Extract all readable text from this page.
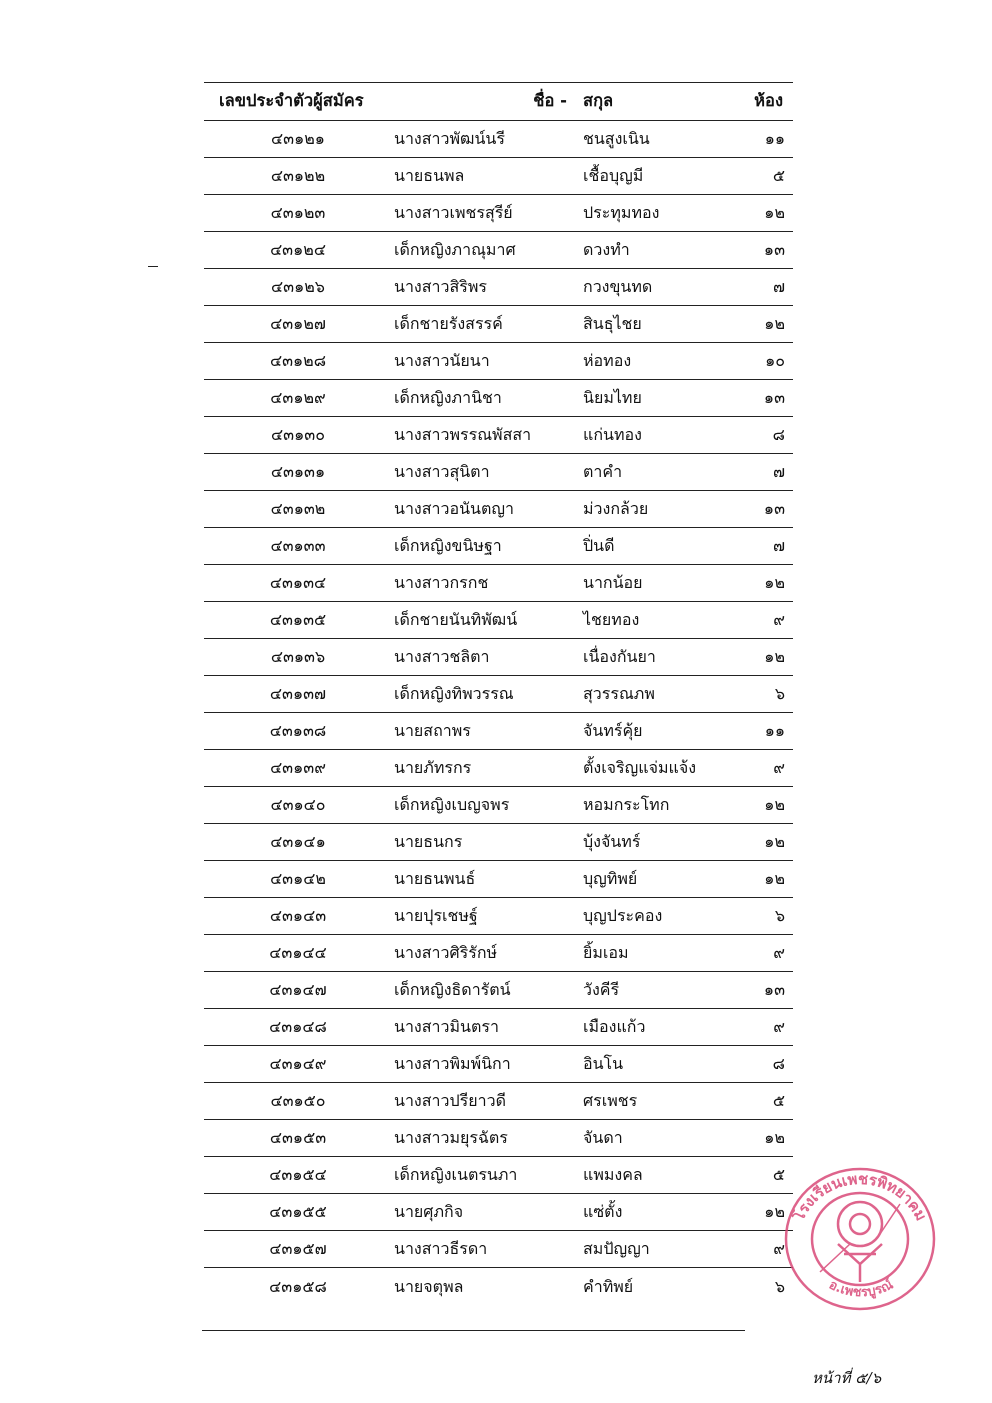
เลขประจำตัวผู้สมัคร	ชื่อ - สกุล	ห้อง
๔๓๑๒๑	นางสาวพัฒน์นรี	ชนสูงเนิน	๑๑
๔๓๑๒๒	นายธนพล	เชื้อบุญมี	๕
๔๓๑๒๓	นางสาวเพชรสุรีย์	ประทุมทอง	๑๒
๔๓๑๒๔	เด็กหญิงภาณุมาศ	ดวงทำ	๑๓
๔๓๑๒๖	นางสาวสิริพร	กวงขุนทด	๗
๔๓๑๒๗	เด็กชายรังสรรค์	สินธุไชย	๑๒
๔๓๑๒๘	นางสาวนัยนา	ห่อทอง	๑๐
๔๓๑๒๙	เด็กหญิงภานิชา	นิยมไทย	๑๓
๔๓๑๓๐	นางสาวพรรณพัสสา	แก่นทอง	๘
๔๓๑๓๑	นางสาวสุนิตา	ตาคำ	๗
๔๓๑๓๒	นางสาวอนันตญา	ม่วงกล้วย	๑๓
๔๓๑๓๓	เด็กหญิงขนิษฐา	ปิ่นดี	๗
๔๓๑๓๔	นางสาวกรกช	นากน้อย	๑๒
๔๓๑๓๕	เด็กชายนันทิพัฒน์	ไชยทอง	๙
๔๓๑๓๖	นางสาวชลิตา	เนื่องกันยา	๑๒
๔๓๑๓๗	เด็กหญิงทิพวรรณ	สุวรรณภพ	๖
๔๓๑๓๘	นายสถาพร	จันทร์คุ้ย	๑๑
๔๓๑๓๙	นายภัทรกร	ตั้งเจริญแจ่มแจ้ง	๙
๔๓๑๔๐	เด็กหญิงเบญจพร	หอมกระโทก	๑๒
๔๓๑๔๑	นายธนกร	บุ้งจันทร์	๑๒
๔๓๑๔๒	นายธนพนธ์	บุญทิพย์	๑๒
๔๓๑๔๓	นายปุรเชษฐ์	บุญประคอง	๖
๔๓๑๔๔	นางสาวศิริรักษ์	ยิ้มเอม	๙
๔๓๑๔๗	เด็กหญิงธิดารัตน์	วังคีรี	๑๓
๔๓๑๔๘	นางสาวมินตรา	เมืองแก้ว	๙
๔๓๑๔๙	นางสาวพิมพ์นิกา	อินโน	๘
๔๓๑๕๐	นางสาวปรียาวดี	ศรเพชร	๕
๔๓๑๕๓	นางสาวมยุรฉัตร	จันดา	๑๒
๔๓๑๕๔	เด็กหญิงเนตรนภา	แพมงคล	๕
๔๓๑๕๕	นายศุภกิจ	แซ่ตั้ง	๑๒
๔๓๑๕๗	นางสาวธีรดา	สมปัญญา	๙
๔๓๑๕๘	นายจตุพล	คำทิพย์	๖
โรงเรียนเพชรพิทยาคม
อ.เพชรบูรณ์
หน้าที่ ๕/๖
